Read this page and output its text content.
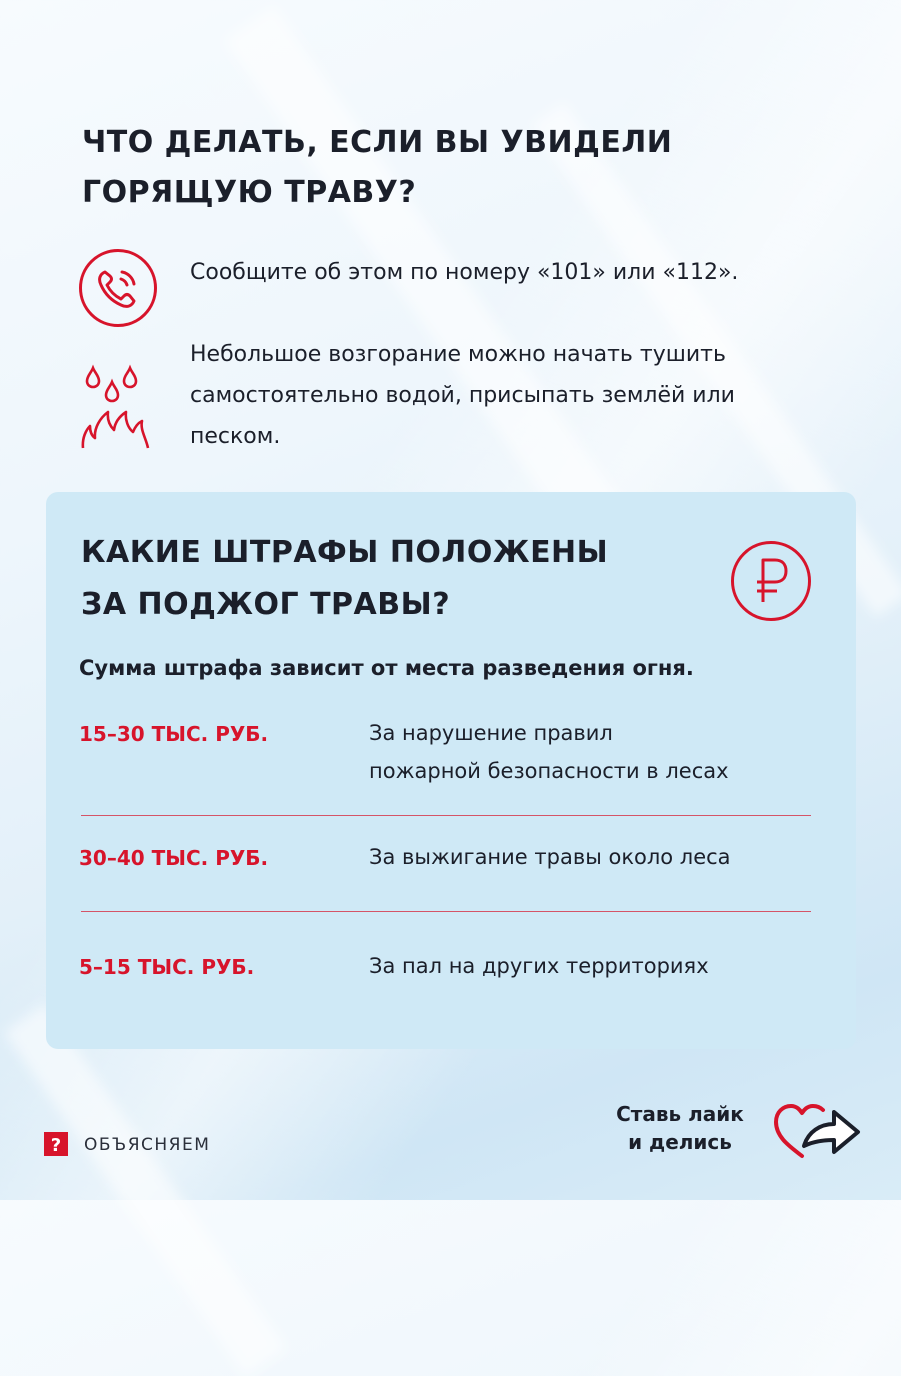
ЧТО ДЕЛАТЬ, ЕСЛИ ВЫ УВИДЕЛИ
ГОРЯЩУЮ ТРАВУ?
Сообщите об этом по номеру «101» или «112».
Небольшое возгорание можно начать тушить
самостоятельно водой, присыпать землёй или
песком.
КАКИЕ ШТРАФЫ ПОЛОЖЕНЫ
ЗА ПОДЖОГ ТРАВЫ?
Сумма штрафа зависит от места разведения огня.
15–30 ТЫС. РУБ.	За нарушение правил
пожарной безопасности в лесах
30–40 ТЫС. РУБ.	За выжигание травы около леса
5–15 ТЫС. РУБ.	За пал на других территориях
? ОБЪЯСНЯЕМ
Ставь лайк
и делись
